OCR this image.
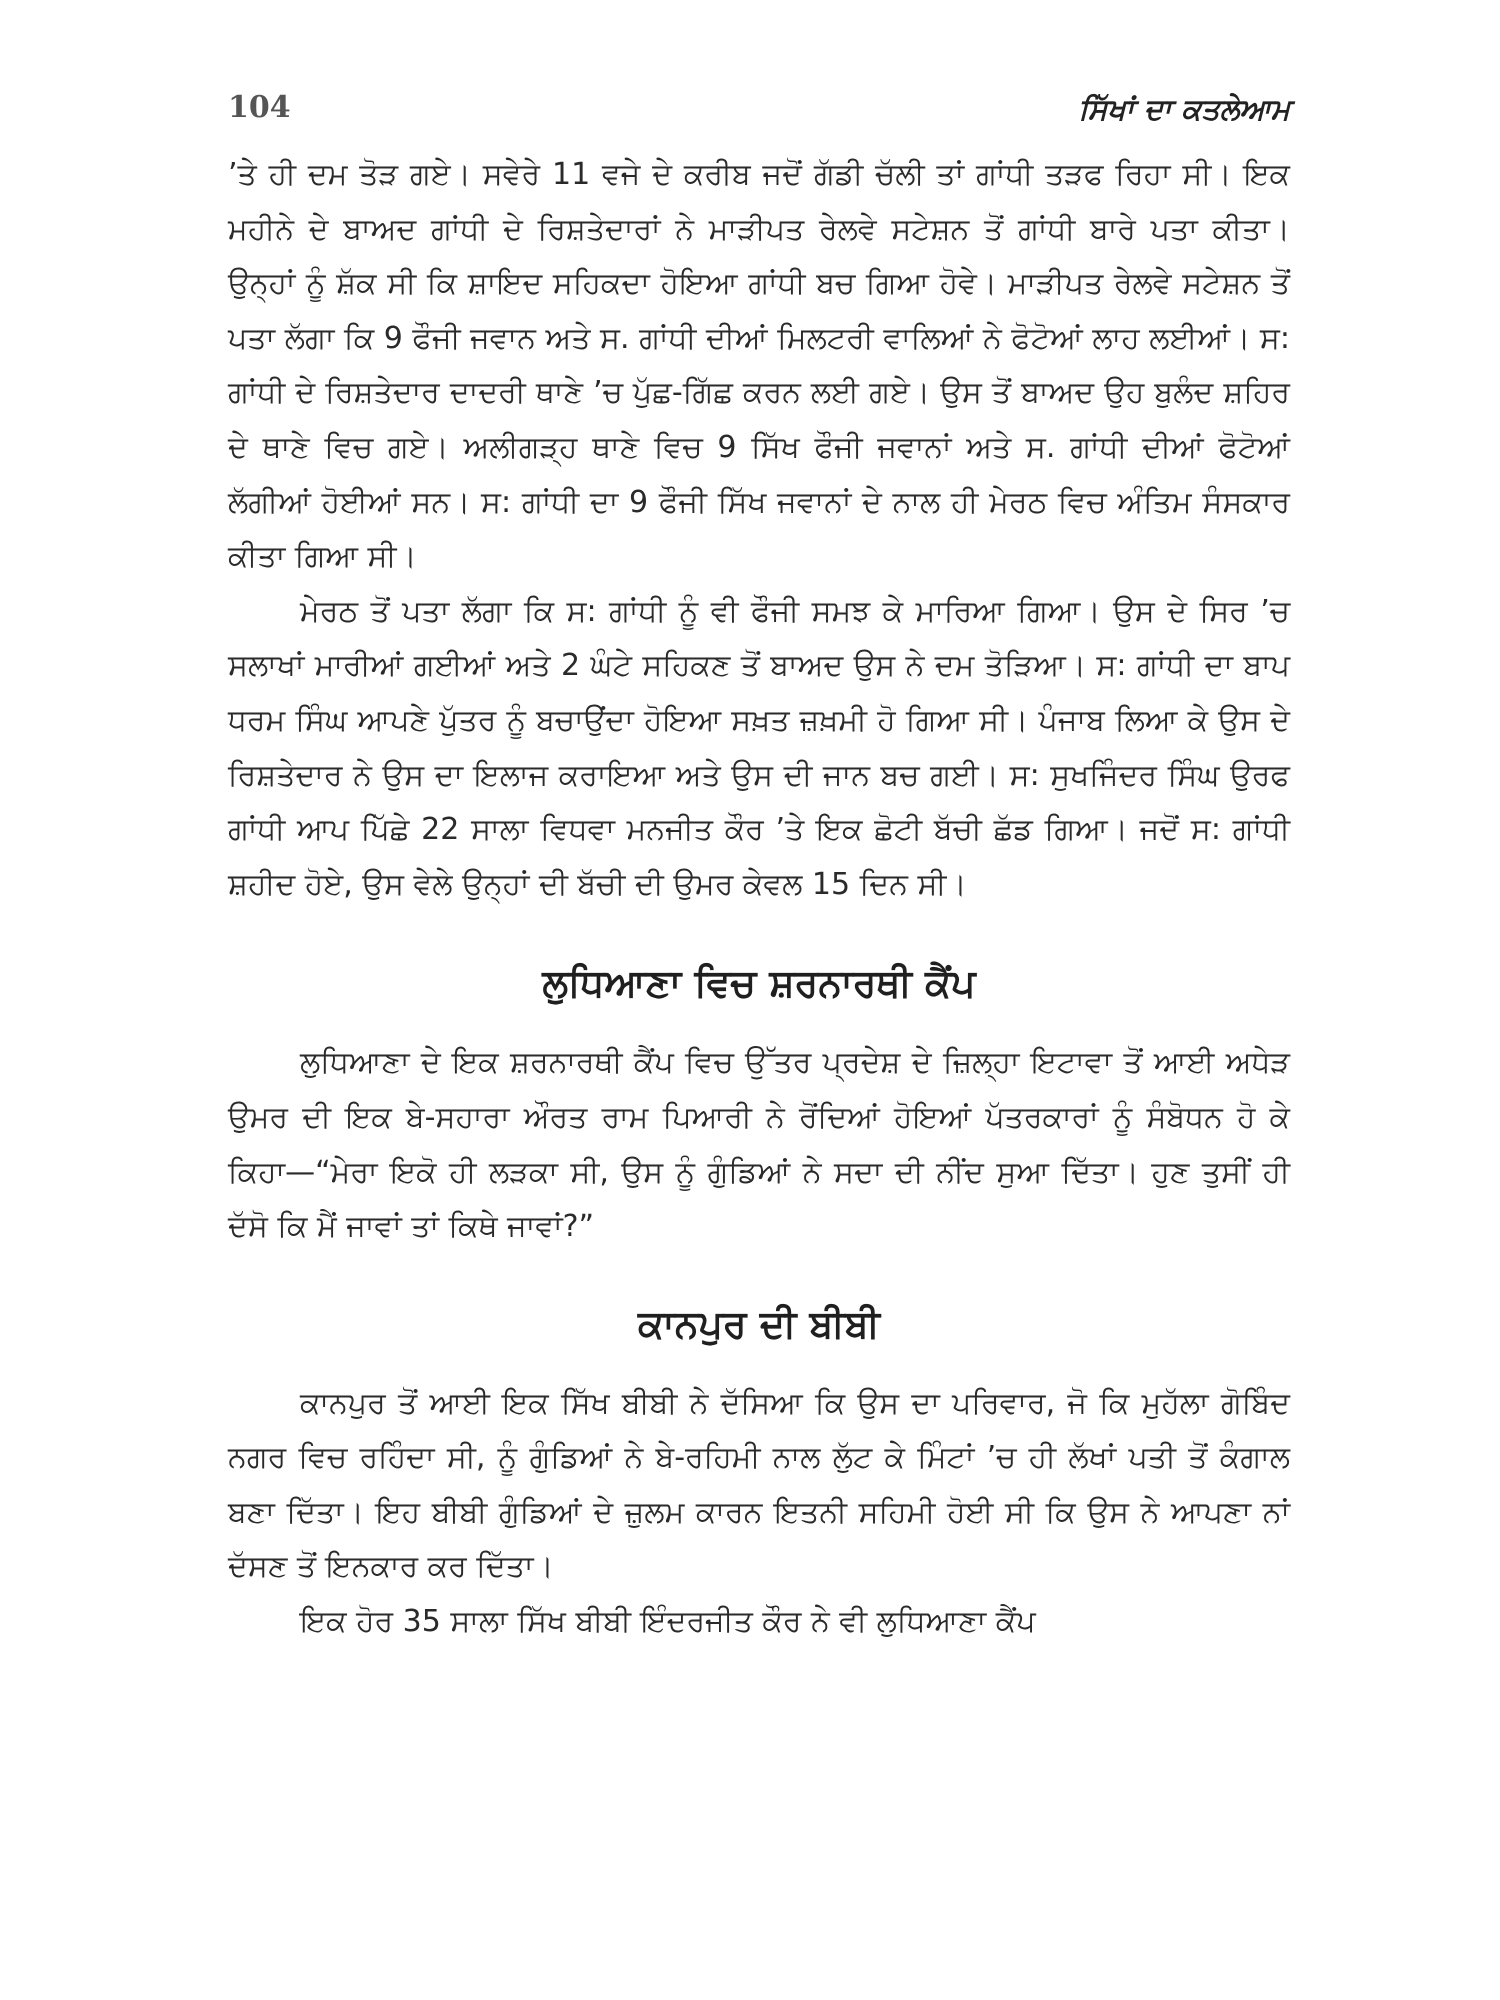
104	ਸਿੱਖਾਂ ਦਾ ਕਤਲੇਆਮ

’ਤੇ ਹੀ ਦਮ ਤੋੜ ਗਏ। ਸਵੇਰੇ 11 ਵਜੇ ਦੇ ਕਰੀਬ ਜਦੋਂ ਗੱਡੀ ਚੱਲੀ ਤਾਂ ਗਾਂਧੀ ਤੜਫ ਰਿਹਾ ਸੀ। ਇਕ ਮਹੀਨੇ ਦੇ ਬਾਅਦ ਗਾਂਧੀ ਦੇ ਰਿਸ਼ਤੇਦਾਰਾਂ ਨੇ ਮਾੜੀਪਤ ਰੇਲਵੇ ਸਟੇਸ਼ਨ ਤੋਂ ਗਾਂਧੀ ਬਾਰੇ ਪਤਾ ਕੀਤਾ। ਉਨ੍ਹਾਂ ਨੂੰ ਸ਼ੱਕ ਸੀ ਕਿ ਸ਼ਾਇਦ ਸਹਿਕਦਾ ਹੋਇਆ ਗਾਂਧੀ ਬਚ ਗਿਆ ਹੋਵੇ। ਮਾੜੀਪਤ ਰੇਲਵੇ ਸਟੇਸ਼ਨ ਤੋਂ ਪਤਾ ਲੱਗਾ ਕਿ 9 ਫੌਜੀ ਜਵਾਨ ਅਤੇ ਸ. ਗਾਂਧੀ ਦੀਆਂ ਮਿਲਟਰੀ ਵਾਲਿਆਂ ਨੇ ਫੋਟੋਆਂ ਲਾਹ ਲਈਆਂ। ਸ: ਗਾਂਧੀ ਦੇ ਰਿਸ਼ਤੇਦਾਰ ਦਾਦਰੀ ਥਾਣੇ ’ਚ ਪੁੱਛ-ਗਿੱਛ ਕਰਨ ਲਈ ਗਏ। ਉਸ ਤੋਂ ਬਾਅਦ ਉਹ ਬੁਲੰਦ ਸ਼ਹਿਰ ਦੇ ਥਾਣੇ ਵਿਚ ਗਏ। ਅਲੀਗੜ੍ਹ ਥਾਣੇ ਵਿਚ 9 ਸਿੱਖ ਫੌਜੀ ਜਵਾਨਾਂ ਅਤੇ ਸ. ਗਾਂਧੀ ਦੀਆਂ ਫੋਟੋਆਂ ਲੱਗੀਆਂ ਹੋਈਆਂ ਸਨ। ਸ: ਗਾਂਧੀ ਦਾ 9 ਫੌਜੀ ਸਿੱਖ ਜਵਾਨਾਂ ਦੇ ਨਾਲ ਹੀ ਮੇਰਠ ਵਿਚ ਅੰਤਿਮ ਸੰਸਕਾਰ ਕੀਤਾ ਗਿਆ ਸੀ।

ਮੇਰਠ ਤੋਂ ਪਤਾ ਲੱਗਾ ਕਿ ਸ: ਗਾਂਧੀ ਨੂੰ ਵੀ ਫੌਜੀ ਸਮਝ ਕੇ ਮਾਰਿਆ ਗਿਆ। ਉਸ ਦੇ ਸਿਰ ’ਚ ਸਲਾਖਾਂ ਮਾਰੀਆਂ ਗਈਆਂ ਅਤੇ 2 ਘੰਟੇ ਸਹਿਕਣ ਤੋਂ ਬਾਅਦ ਉਸ ਨੇ ਦਮ ਤੋੜਿਆ। ਸ: ਗਾਂਧੀ ਦਾ ਬਾਪ ਧਰਮ ਸਿੰਘ ਆਪਣੇ ਪੁੱਤਰ ਨੂੰ ਬਚਾਉਂਦਾ ਹੋਇਆ ਸਖ਼ਤ ਜ਼ਖ਼ਮੀ ਹੋ ਗਿਆ ਸੀ। ਪੰਜਾਬ ਲਿਆ ਕੇ ਉਸ ਦੇ ਰਿਸ਼ਤੇਦਾਰ ਨੇ ਉਸ ਦਾ ਇਲਾਜ ਕਰਾਇਆ ਅਤੇ ਉਸ ਦੀ ਜਾਨ ਬਚ ਗਈ। ਸ: ਸੁਖਜਿੰਦਰ ਸਿੰਘ ਉਰਫ ਗਾਂਧੀ ਆਪ ਪਿੱਛੇ 22 ਸਾਲਾ ਵਿਧਵਾ ਮਨਜੀਤ ਕੌਰ ’ਤੇ ਇਕ ਛੋਟੀ ਬੱਚੀ ਛੱਡ ਗਿਆ। ਜਦੋਂ ਸ: ਗਾਂਧੀ ਸ਼ਹੀਦ ਹੋਏ, ਉਸ ਵੇਲੇ ਉਨ੍ਹਾਂ ਦੀ ਬੱਚੀ ਦੀ ਉਮਰ ਕੇਵਲ 15 ਦਿਨ ਸੀ।

ਲੁਧਿਆਣਾ ਵਿਚ ਸ਼ਰਨਾਰਥੀ ਕੈਂਪ

ਲੁਧਿਆਣਾ ਦੇ ਇਕ ਸ਼ਰਨਾਰਥੀ ਕੈਂਪ ਵਿਚ ਉੱਤਰ ਪ੍ਰਦੇਸ਼ ਦੇ ਜ਼ਿਲ੍ਹਾ ਇਟਾਵਾ ਤੋਂ ਆਈ ਅਧੇੜ ਉਮਰ ਦੀ ਇਕ ਬੇ-ਸਹਾਰਾ ਔਰਤ ਰਾਮ ਪਿਆਰੀ ਨੇ ਰੋਂਦਿਆਂ ਹੋਇਆਂ ਪੱਤਰਕਾਰਾਂ ਨੂੰ ਸੰਬੋਧਨ ਹੋ ਕੇ ਕਿਹਾ—“ਮੇਰਾ ਇਕੋ ਹੀ ਲੜਕਾ ਸੀ, ਉਸ ਨੂੰ ਗੁੰਡਿਆਂ ਨੇ ਸਦਾ ਦੀ ਨੀਂਦ ਸੁਆ ਦਿੱਤਾ। ਹੁਣ ਤੁਸੀਂ ਹੀ ਦੱਸੋ ਕਿ ਮੈਂ ਜਾਵਾਂ ਤਾਂ ਕਿਥੇ ਜਾਵਾਂ?”

ਕਾਨਪੁਰ ਦੀ ਬੀਬੀ

ਕਾਨਪੁਰ ਤੋਂ ਆਈ ਇਕ ਸਿੱਖ ਬੀਬੀ ਨੇ ਦੱਸਿਆ ਕਿ ਉਸ ਦਾ ਪਰਿਵਾਰ, ਜੋ ਕਿ ਮੁਹੱਲਾ ਗੋਬਿੰਦ ਨਗਰ ਵਿਚ ਰਹਿੰਦਾ ਸੀ, ਨੂੰ ਗੁੰਡਿਆਂ ਨੇ ਬੇ-ਰਹਿਮੀ ਨਾਲ ਲੁੱਟ ਕੇ ਮਿੰਟਾਂ ’ਚ ਹੀ ਲੱਖਾਂ ਪਤੀ ਤੋਂ ਕੰਗਾਲ ਬਣਾ ਦਿੱਤਾ। ਇਹ ਬੀਬੀ ਗੁੰਡਿਆਂ ਦੇ ਜ਼ੁਲਮ ਕਾਰਨ ਇਤਨੀ ਸਹਿਮੀ ਹੋਈ ਸੀ ਕਿ ਉਸ ਨੇ ਆਪਣਾ ਨਾਂ ਦੱਸਣ ਤੋਂ ਇਨਕਾਰ ਕਰ ਦਿੱਤਾ।

ਇਕ ਹੋਰ 35 ਸਾਲਾ ਸਿੱਖ ਬੀਬੀ ਇੰਦਰਜੀਤ ਕੌਰ ਨੇ ਵੀ ਲੁਧਿਆਣਾ ਕੈਂਪ
